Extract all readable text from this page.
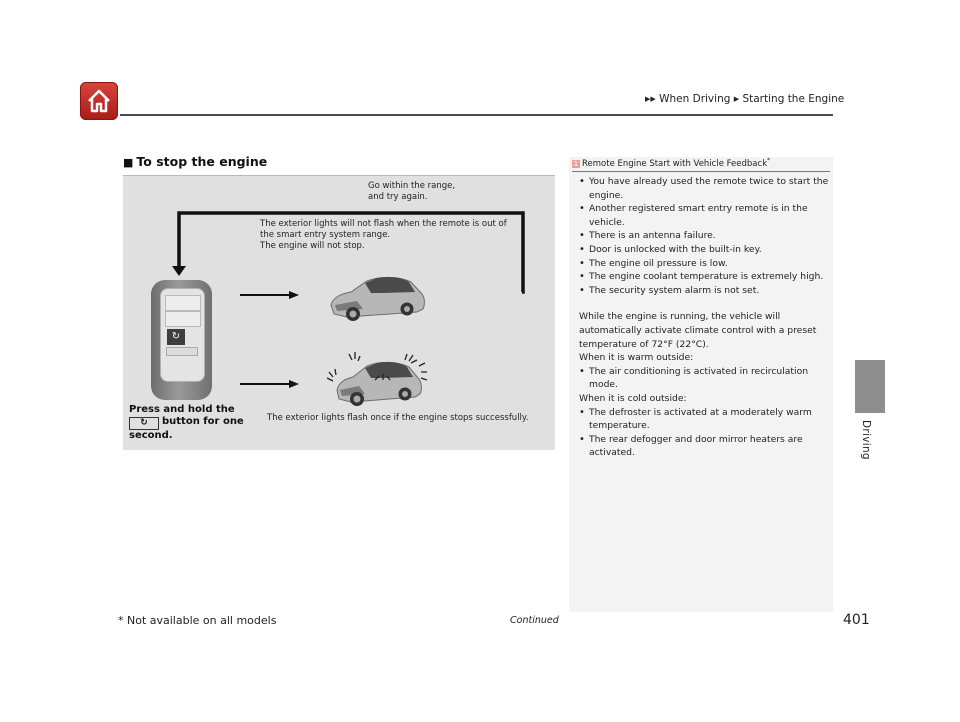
▶▶ When Driving ▶ Starting the Engine
Driving
■ To stop the engine
Go within the range,
and try again.
The exterior lights will not flash when the remote is out of
the smart entry system range.
The engine will not stop.
The exterior lights flash once if the engine stops successfully.
↻
Press and hold the
↻ button for one
second.
1 Remote Engine Start with Vehicle Feedback*
• You have already used the remote twice to start the engine.
• Another registered smart entry remote is in the vehicle.
• There is an antenna failure.
• Door is unlocked with the built-in key.
• The engine oil pressure is low.
• The engine coolant temperature is extremely high.
• The security system alarm is not set.

While the engine is running, the vehicle will automatically activate climate control with a preset temperature of 72°F (22°C).

When it is warm outside:

• The air conditioning is activated in recirculation mode.

When it is cold outside:

• The defroster is activated at a moderately warm temperature.
• The rear defogger and door mirror heaters are activated.
* Not available on all models	Continued	401
